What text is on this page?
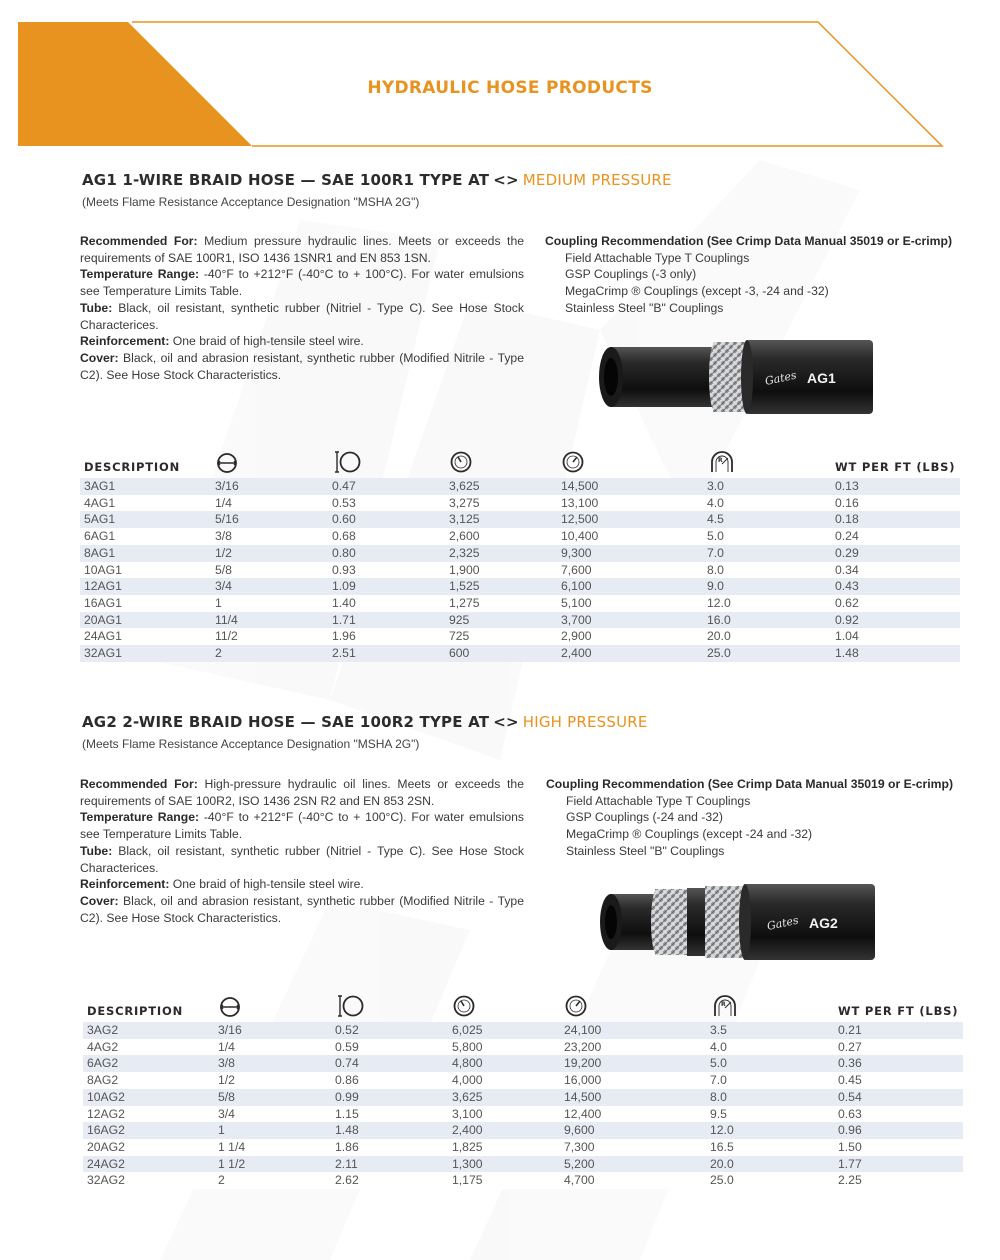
HYDRAULIC HOSE PRODUCTS
AG1 1-WIRE BRAID HOSE — SAE 100R1 TYPE AT <> MEDIUM PRESSURE
(Meets Flame Resistance Acceptance Designation "MSHA 2G")

Recommended For: Medium pressure hydraulic lines. Meets or exceeds the requirements of SAE 100R1, ISO 1436 1SNR1 and EN 853 1SN.

Temperature Range: -40°F to +212°F (-40°C to + 100°C). For water emulsions see Temperature Limits Table.

Tube: Black, oil resistant, synthetic rubber (Nitriel - Type C). See Hose Stock Characterices.

Reinforcement: One braid of high-tensile steel wire.

Cover: Black, oil and abrasion resistant, synthetic rubber (Modified Nitrile - Type C2). See Hose Stock Characteristics.

Coupling Recommendation (See Crimp Data Manual 35019 or E-crimp)
Field Attachable Type T Couplings
GSP Couplings (-3 only)
MegaCrimp ® Couplings (except -3, -24 and -32)
Stainless Steel "B" Couplings
Gates AG1
DESCRIPTION					R	WT PER FT (LBS)
3AG1	3/16	0.47	3,625	14,500	3.0	0.13
4AG1	1/4	0.53	3,275	13,100	4.0	0.16
5AG1	5/16	0.60	3,125	12,500	4.5	0.18
6AG1	3/8	0.68	2,600	10,400	5.0	0.24
8AG1	1/2	0.80	2,325	9,300	7.0	0.29
10AG1	5/8	0.93	1,900	7,600	8.0	0.34
12AG1	3/4	1.09	1,525	6,100	9.0	0.43
16AG1	1	1.40	1,275	5,100	12.0	0.62
20AG1	11/4	1.71	925	3,700	16.0	0.92
24AG1	11/2	1.96	725	2,900	20.0	1.04
32AG1	2	2.51	600	2,400	25.0	1.48
AG2 2-WIRE BRAID HOSE — SAE 100R2 TYPE AT <> HIGH PRESSURE
(Meets Flame Resistance Acceptance Designation "MSHA 2G")

Recommended For: High-pressure hydraulic oil lines. Meets or exceeds the requirements of SAE 100R2, ISO 1436 2SN R2 and EN 853 2SN.

Temperature Range: -40°F to +212°F (-40°C to + 100°C). For water emulsions see Temperature Limits Table.

Tube: Black, oil resistant, synthetic rubber (Nitriel - Type C). See Hose Stock Characterices.

Reinforcement: One braid of high-tensile steel wire.

Cover: Black, oil and abrasion resistant, synthetic rubber (Modified Nitrile - Type C2). See Hose Stock Characteristics.

Coupling Recommendation (See Crimp Data Manual 35019 or E-crimp)
Field Attachable Type T Couplings
GSP Couplings (-24 and -32)
MegaCrimp ® Couplings (except -24 and -32)
Stainless Steel "B" Couplings
Gates AG2
DESCRIPTION					R	WT PER FT (LBS)
3AG2	3/16	0.52	6,025	24,100	3.5	0.21
4AG2	1/4	0.59	5,800	23,200	4.0	0.27
6AG2	3/8	0.74	4,800	19,200	5.0	0.36
8AG2	1/2	0.86	4,000	16,000	7.0	0.45
10AG2	5/8	0.99	3,625	14,500	8.0	0.54
12AG2	3/4	1.15	3,100	12,400	9.5	0.63
16AG2	1	1.48	2,400	9,600	12.0	0.96
20AG2	1 1/4	1.86	1,825	7,300	16.5	1.50
24AG2	1 1/2	2.11	1,300	5,200	20.0	1.77
32AG2	2	2.62	1,175	4,700	25.0	2.25
